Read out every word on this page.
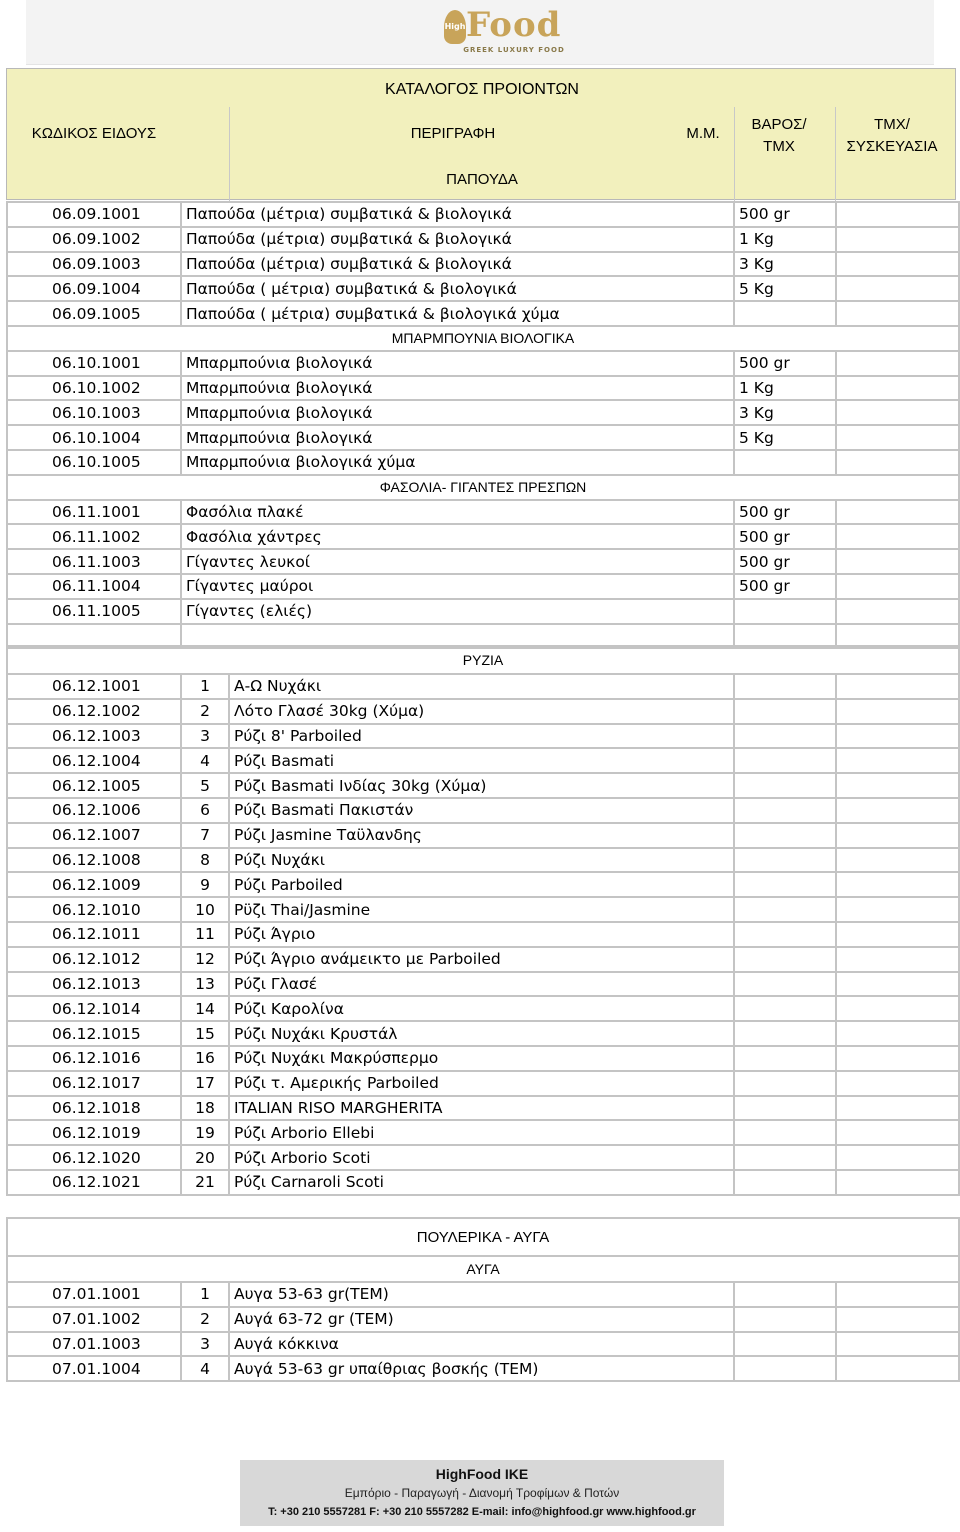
High Food
GREEK LUXURY FOOD
ΚΑΤΑΛΟΓΟΣ ΠΡΟΙΟΝΤΩΝ
ΚΩΔΙΚΟΣ ΕΙΔΟΥΣ	ΠΕΡΙΓΡΑΦΗ	Μ.Μ.
ΒΑΡΟΣ/ ΤΜΧ
ΤΜΧ/ ΣΥΣΚΕΥΑΣΙΑ
ΠΑΠΟΥΔΑ
06.09.1001	Παπούδα (μέτρια) συμβατικά & βιολογικά	500 gr	
06.09.1002	Παπούδα (μέτρια) συμβατικά & βιολογικά	1 Kg	
06.09.1003	Παπούδα (μέτρια) συμβατικά & βιολογικά	3 Kg	
06.09.1004	Παπούδα ( μέτρια) συμβατικά & βιολογικά	5 Kg	
06.09.1005	Παπούδα ( μέτρια) συμβατικά & βιολογικά χύμα		
ΜΠΑΡΜΠΟΥΝΙΑ ΒΙΟΛΟΓΙΚΑ			
06.10.1001	Μπαρμπούνια βιολογικά	500 gr	
06.10.1002	Μπαρμπούνια βιολογικά	1 Kg	
06.10.1003	Μπαρμπούνια βιολογικά	3 Kg	
06.10.1004	Μπαρμπούνια βιολογικά	5 Kg	
06.10.1005	Μπαρμπούνια βιολογικά χύμα		
ΦΑΣΟΛΙΑ- ΓΙΓΑΝΤΕΣ ΠΡΕΣΠΩΝ			
06.11.1001	Φασόλια πλακέ	500 gr	
06.11.1002	Φασόλια χάντρες	500 gr	
06.11.1003	Γίγαντες λευκοί	500 gr	
06.11.1004	Γίγαντες μαύροι	500 gr	
06.11.1005	Γίγαντες (ελιές)		

ΡΥΖΙΑ				
06.12.1001	1	Α-Ω Νυχάκι		
06.12.1002	2	Λότο Γλασέ 30kg (Χύμα)		
06.12.1003	3	Ρύζι 8' Parboiled		
06.12.1004	4	Ρύζι Basmati		
06.12.1005	5	Ρύζι Basmati Ινδίας 30kg (Χύμα)		
06.12.1006	6	Ρύζι Basmati Πακιστάν		
06.12.1007	7	Ρύζι Jasmine Ταϋλανδης		
06.12.1008	8	Ρύζι Νυχάκι		
06.12.1009	9	Ρύζι Parboiled		
06.12.1010	10	Ρϋζι Thai/Jasmine		
06.12.1011	11	Ρύζι Άγριο		
06.12.1012	12	Ρύζι Άγριο ανάμεικτο με Parboiled		
06.12.1013	13	Ρύζι Γλασέ		
06.12.1014	14	Ρύζι Καρολίνα		
06.12.1015	15	Ρύζι Νυχάκι Κρυστάλ		
06.12.1016	16	Ρύζι Νυχάκι Μακρύσπερμο		
06.12.1017	17	Ρύζι τ. Αμερικής Parboiled		
06.12.1018	18	ITALIAN RISO MARGHERITA		
06.12.1019	19	Ρύζι Arborio Ellebi		
06.12.1020	20	Ρύζι Arborio Scoti		
06.12.1021	21	Ρύζι Carnaroli Scoti		
ΠΟΥΛΕΡΙΚΑ - ΑΥΓΑ				
ΑΥΓΑ				
07.01.1001	1	Αυγα 53-63 gr(ΤΕΜ)		
07.01.1002	2	Αυγά 63-72 gr (ΤΕΜ)		
07.01.1003	3	Αυγά κόκκινα		
07.01.1004	4	Αυγά 53-63 gr υπαίθριας βοσκής (ΤΕΜ)		
HighFood IKE
Εμπόριο - Παραγωγή - Διανομή Τροφίμων & Ποτών
T: +30 210 5557281 F: +30 210 5557282 E-mail: info@highfood.gr www.highfood.gr
